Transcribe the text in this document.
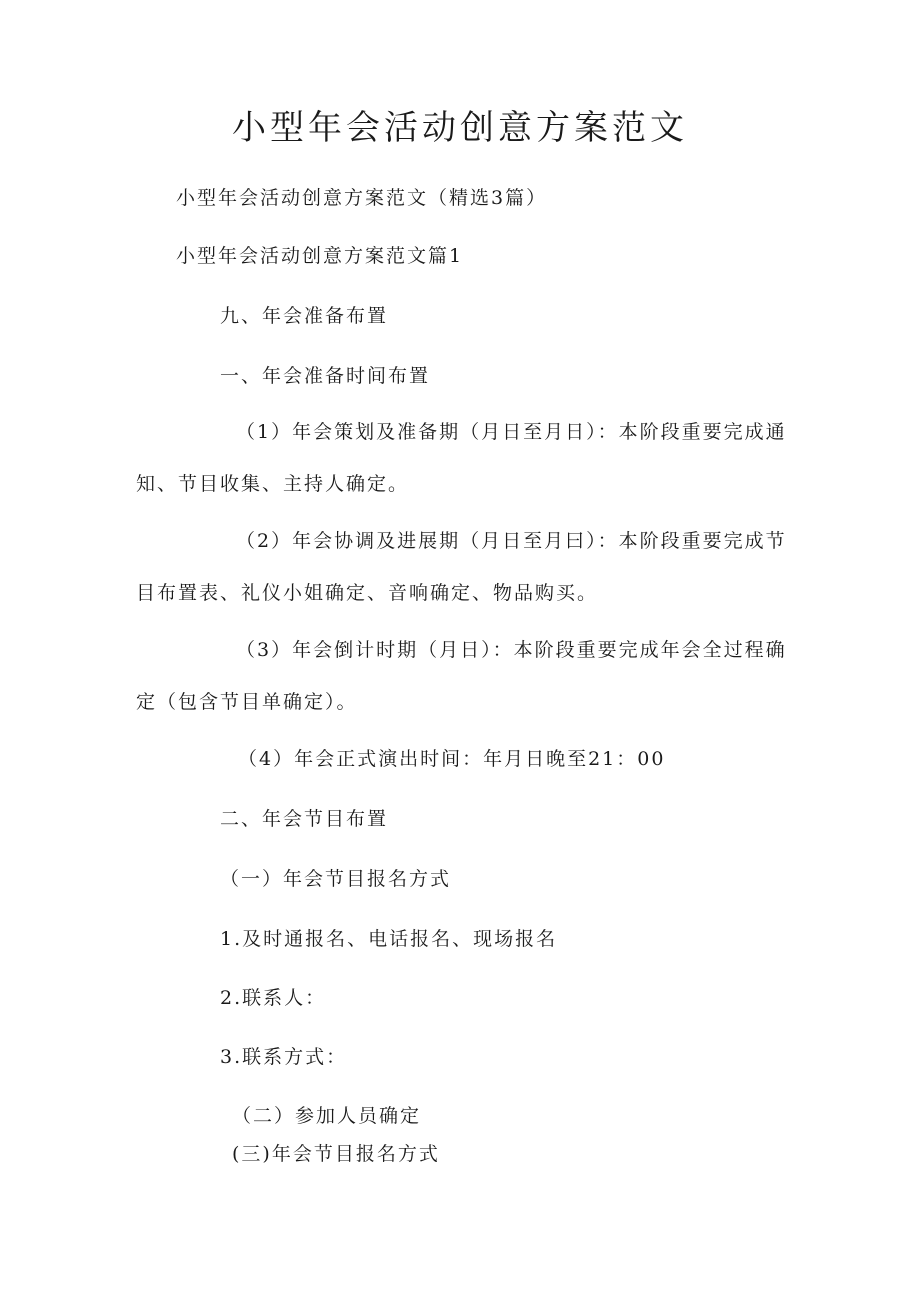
小型年会活动创意方案范文
小型年会活动创意方案范文（精选3篇）
小型年会活动创意方案范文篇1
九、年会准备布置
一、年会准备时间布置
（1）年会策划及准备期（月日至月日）：本阶段重要完成通知、节目收集、主持人确定。
（2）年会协调及进展期（月日至月曰）：本阶段重要完成节目布置表、礼仪小姐确定、音响确定、物品购买。
（3）年会倒计时期（月日）：本阶段重要完成年会全过程确定（包含节目单确定）。
（4）年会正式演出时间：年月日晚至21：00
二、年会节目布置
（一）年会节目报名方式
1.及时通报名、电话报名、现场报名
2.联系人：
3.联系方式：
（二）参加人员确定
(三)年会节目报名方式
